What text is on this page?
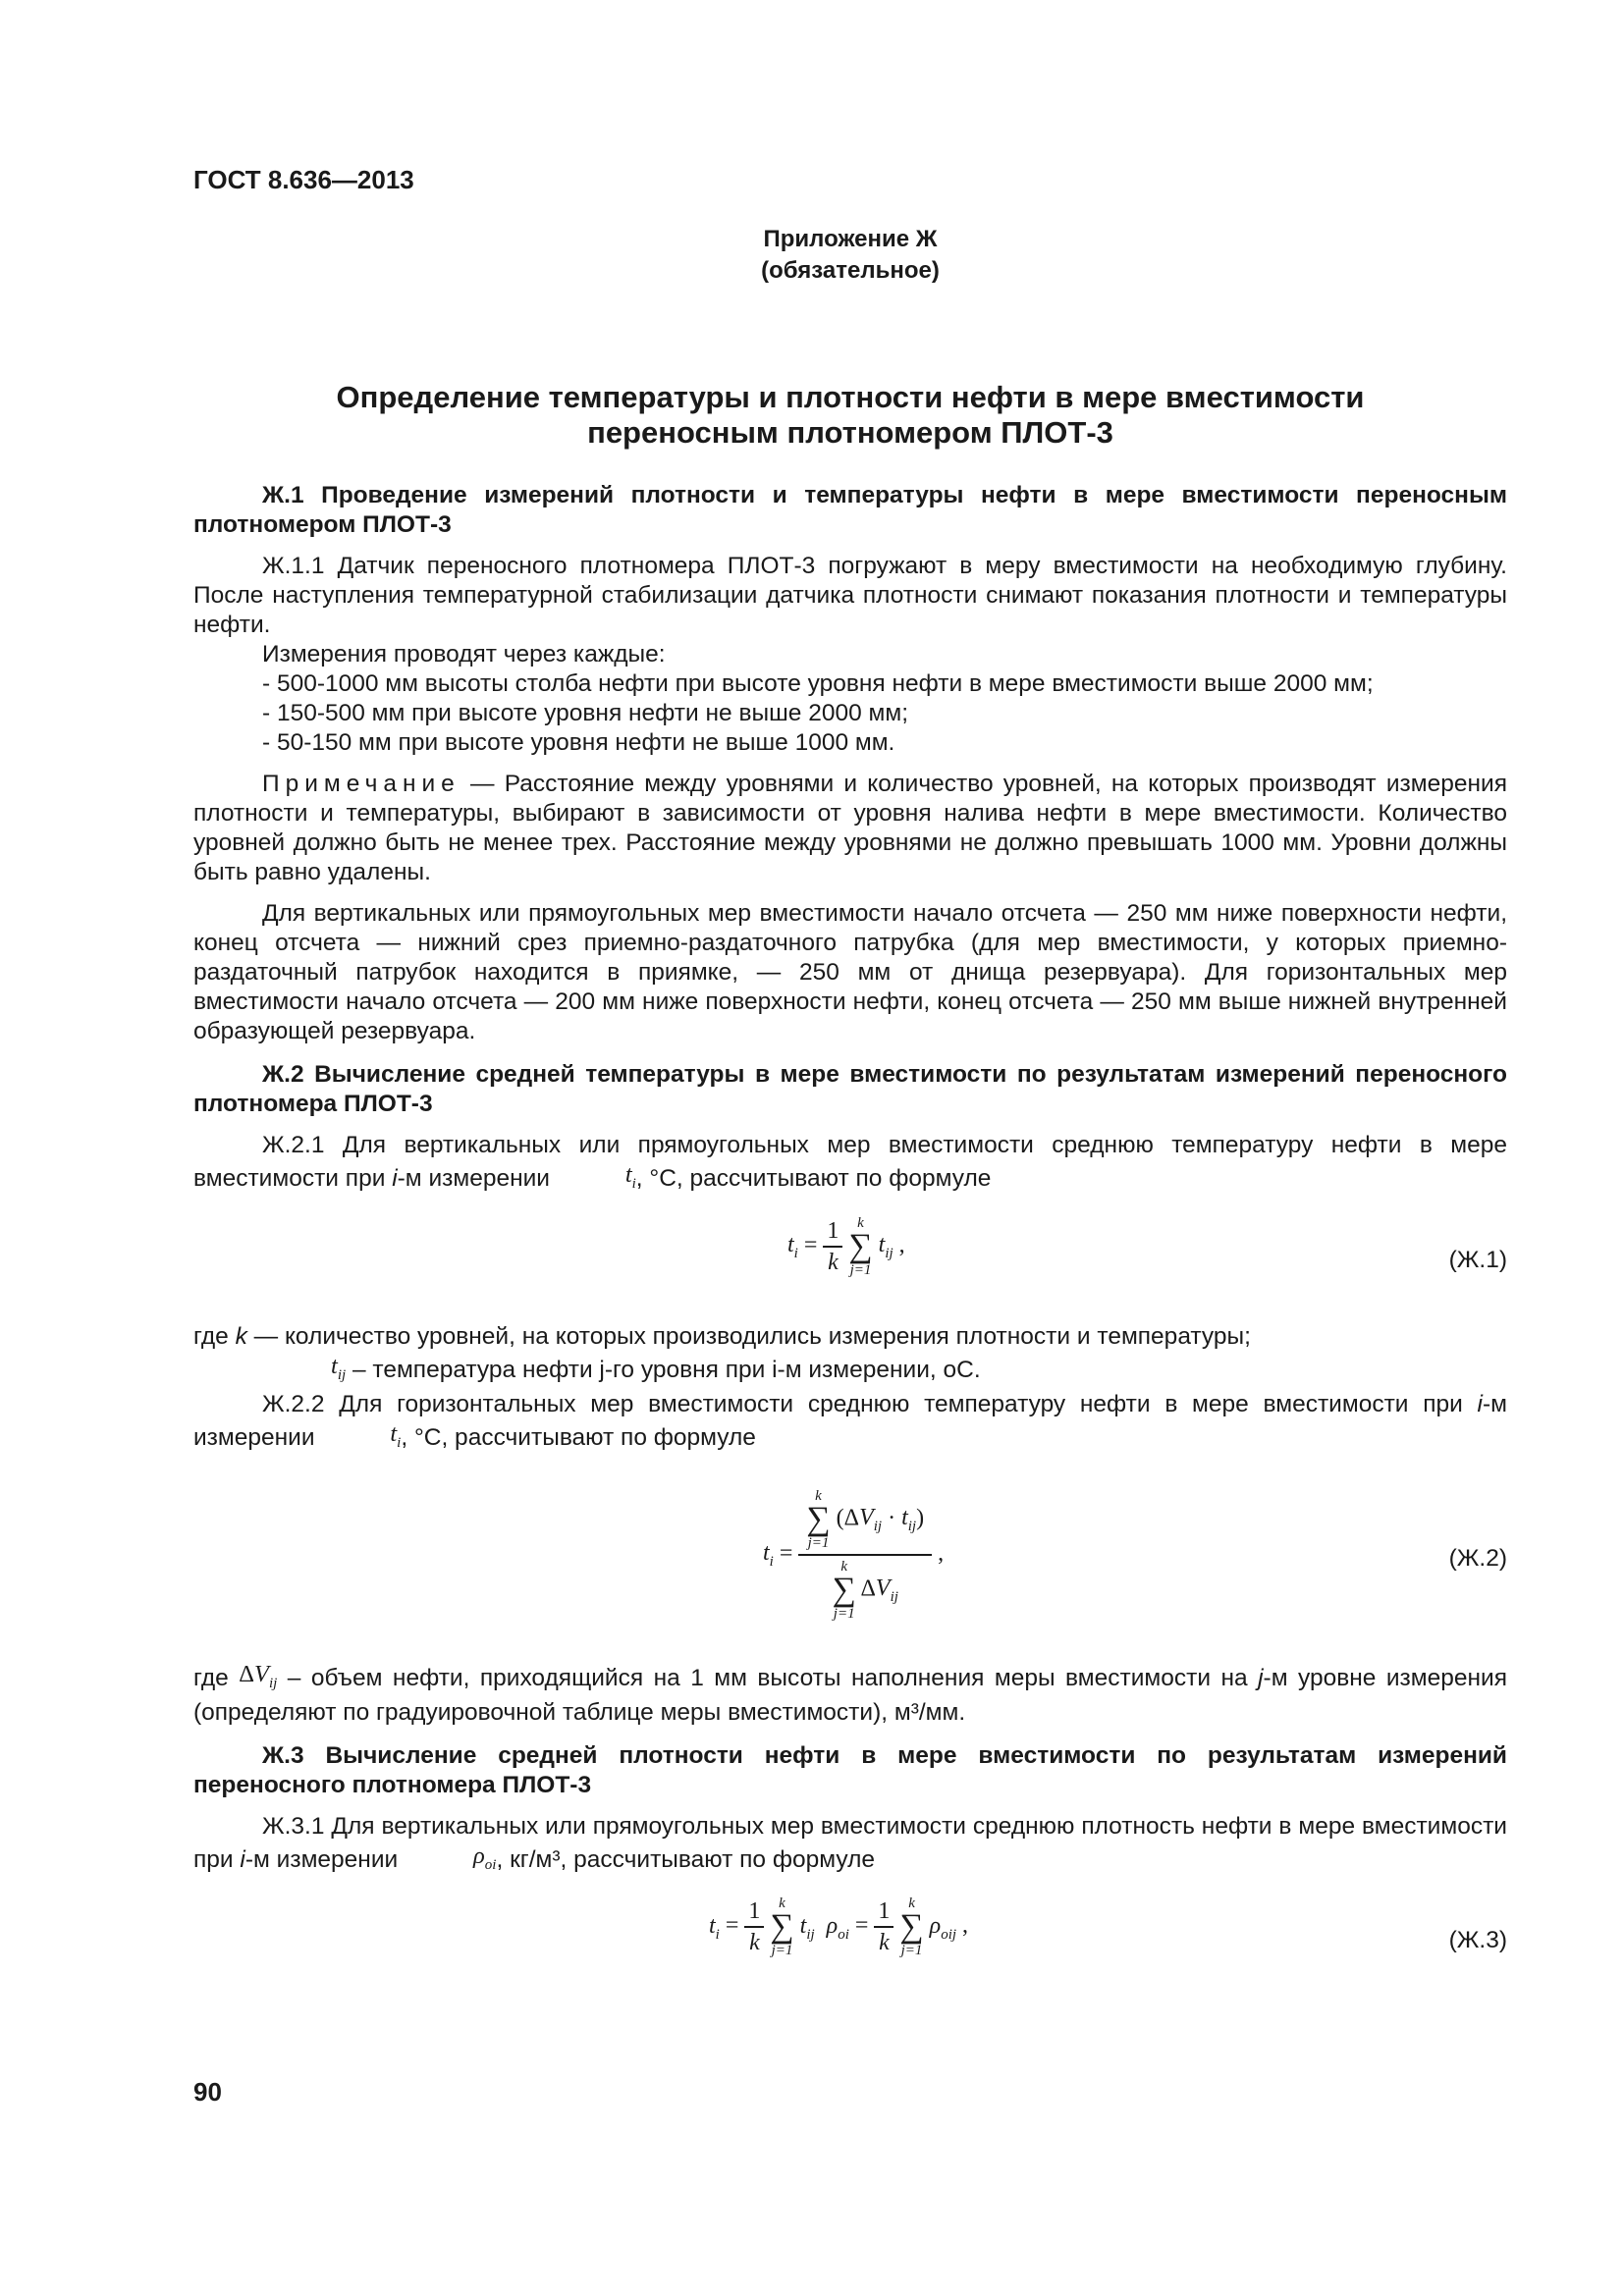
ГОСТ 8.636—2013
Приложение Ж
(обязательное)
Определение температуры и плотности нефти в мере вместимости
переносным плотномером ПЛОТ-3

Ж.1 Проведение измерений плотности и температуры нефти в мере вместимости переносным плотномером ПЛОТ-3

Ж.1.1 Датчик переносного плотномера ПЛОТ-3 погружают в меру вместимости на необходимую глубину. После наступления температурной стабилизации датчика плотности снимают показания плотности и температуры нефти.

Измерения проводят через каждые:

- 500-1000 мм высоты столба нефти при высоте уровня нефти в мере вместимости выше 2000 мм;

- 150-500 мм при высоте уровня нефти не выше 2000 мм;

- 50-150 мм при высоте уровня нефти не выше 1000 мм.

Примечание — Расстояние между уровнями и количество уровней, на которых производят измерения плотности и температуры, выбирают в зависимости от уровня налива нефти в мере вместимости. Количество уровней должно быть не менее трех. Расстояние между уровнями не должно превышать 1000 мм. Уровни должны быть равно удалены.

Для вертикальных или прямоугольных мер вместимости начало отсчета — 250 мм ниже поверхности нефти, конец отсчета — нижний срез приемно-раздаточного патрубка (для мер вместимости, у которых приемно-раздаточный патрубок находится в приямке, — 250 мм от днища резервуара). Для горизонтальных мер вместимости начало отсчета — 200 мм ниже поверхности нефти, конец отсчета — 250 мм выше нижней внутренней образующей резервуара.

Ж.2 Вычисление средней температуры в мере вместимости по результатам измерений переносного плотномера ПЛОТ-3

Ж.2.1 Для вертикальных или прямоугольных мер вместимости среднюю температуру нефти в мере вместимости при i-м измерении	$t_i$, °С, рассчитывают по формуле

$t_i = \frac{1}{k}$
k
∑
j=1
$t_{ij}$ ,
(Ж.1)

где k — количество уровней, на которых производились измерения плотности и температуры;

$t_{ij}$ – температура нефти j-го уровня при i-м измерении, оС.

Ж.2.2 Для горизонтальных мер вместимости среднюю температуру нефти в мере вместимости при i-м измерении	$t_i$, °С, рассчитывают по формуле

$t_i = k$
∑
j=1
$(\Delta V_{ij} \cdot t_{ij})$
k
∑
j=1
$\Delta V_{ij}$ ,	(Ж.2)

где $\Delta V_{ij}$ – объем нефти, приходящийся на 1 мм высоты наполнения меры вместимости на j-м уровне измерения (определяют по градуировочной таблице меры вместимости), м³/мм.

Ж.3 Вычисление средней плотности нефти в мере вместимости по результатам измерений переносного плотномера ПЛОТ-3

Ж.3.1 Для вертикальных или прямоугольных мер вместимости среднюю плотность нефти в мере вместимости при i-м измерении	$\rho_{oi}$, кг/м³, рассчитывают по формуле

$t_i = \frac{1}{k}$
k
∑
j=1
$t_{ij}$ $\rho_{oi} = \frac{1}{k}$
k
∑
j=1
$\rho_{oij}$ ,
(Ж.3)
90
